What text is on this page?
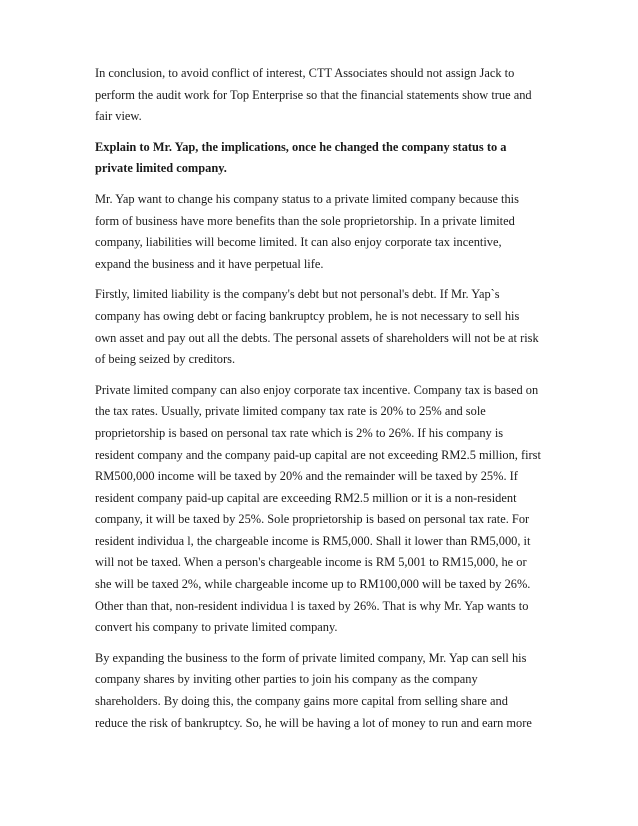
In conclusion, to avoid conflict of interest, CTT Associates should not assign Jack to
perform the audit work for Top Enterprise so that the financial statements show true and
fair view.

Explain to Mr. Yap, the implications, once he changed the company status to a
private limited company.

Mr. Yap want to change his company status to a private limited company because this
form of business have more benefits than the sole proprietorship. In a private limited
company, liabilities will become limited. It can also enjoy corporate tax incentive,
expand the business and it have perpetual life.

Firstly, limited liability is the company's debt but not personal's debt. If Mr. Yap`s
company has owing debt or facing bankruptcy problem, he is not necessary to sell his
own asset and pay out all the debts. The personal assets of shareholders will not be at risk
of being seized by creditors.

Private limited company can also enjoy corporate tax incentive. Company tax is based on
the tax rates. Usually, private limited company tax rate is 20% to 25% and sole
proprietorship is based on personal tax rate which is 2% to 26%. If his company is
resident company and the company paid-up capital are not exceeding RM2.5 million, first
RM500,000 income will be taxed by 20% and the remainder will be taxed by 25%. If
resident company paid-up capital are exceeding RM2.5 million or it is a non-resident
company, it will be taxed by 25%. Sole proprietorship is based on personal tax rate. For
resident individua l, the chargeable income is RM5,000. Shall it lower than RM5,000, it
will not be taxed. When a person's chargeable income is RM 5,001 to RM15,000, he or
she will be taxed 2%, while chargeable income up to RM100,000 will be taxed by 26%.
Other than that, non-resident individua l is taxed by 26%. That is why Mr. Yap wants to
convert his company to private limited company.

By expanding the business to the form of private limited company, Mr. Yap can sell his
company shares by inviting other parties to join his company as the company
shareholders. By doing this, the company gains more capital from selling share and
reduce the risk of bankruptcy. So, he will be having a lot of money to run and earn more
